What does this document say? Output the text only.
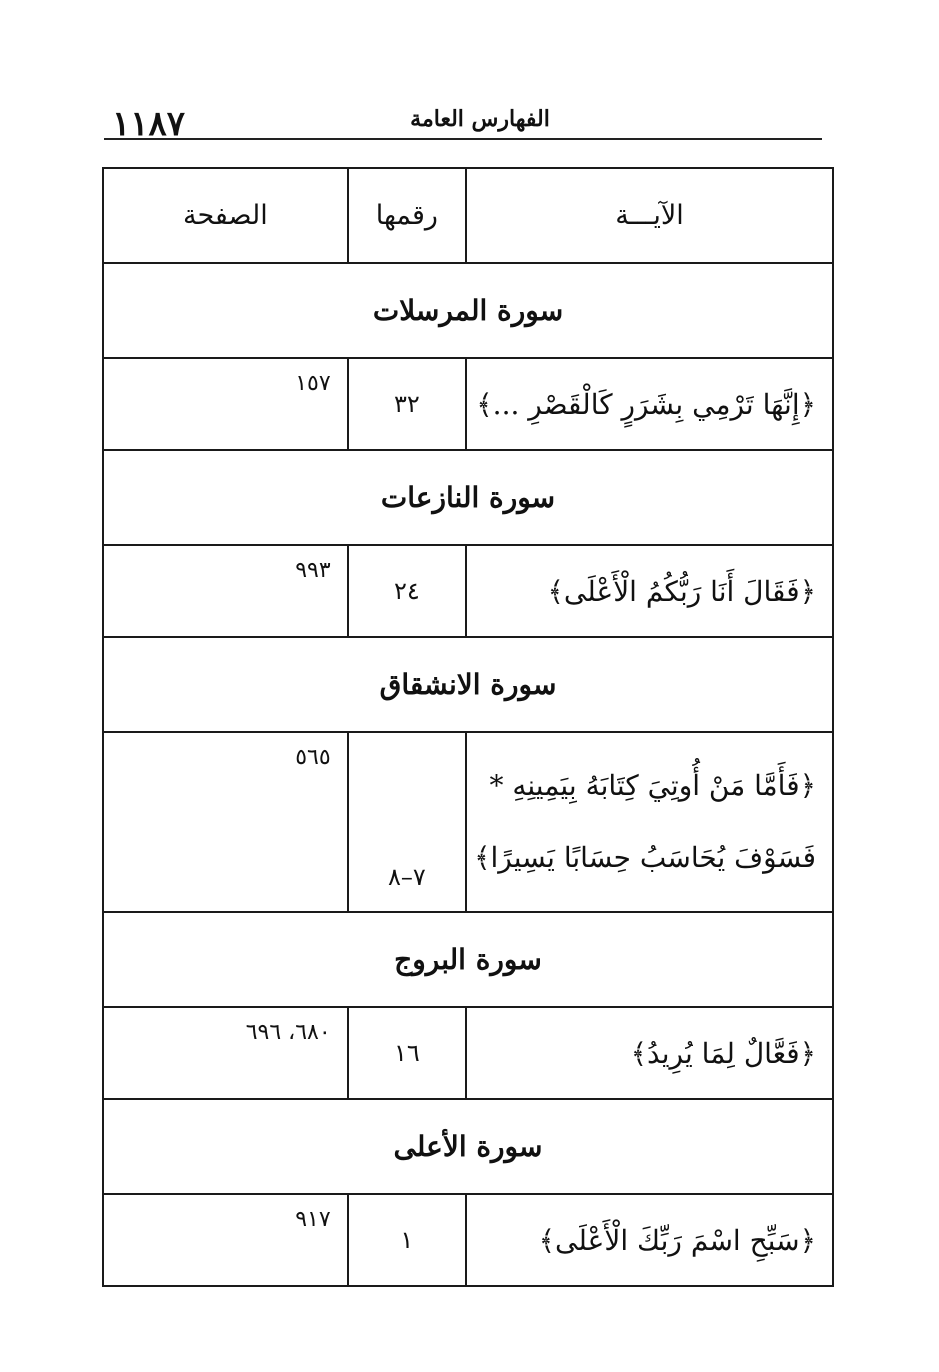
١١٨٧	الفهارس العامة
الآيـــة	رقمها	الصفحة
سورة المرسلات		
﴿إِنَّهَا تَرْمِي بِشَرَرٍ كَالْقَصْرِ ...﴾	٣٢	١٥٧

سورة النازعات		
﴿فَقَالَ أَنَا رَبُّكُمُ الْأَعْلَى﴾	٢٤	٩٩٣

سورة الانشقاق		
﴿فَأَمَّا مَنْ أُوتِيَ كِتَابَهُ بِيَمِينِهِ * فَسَوْفَ يُحَاسَبُ حِسَابًا يَسِيرًا﴾	٧–٨	٥٦٥

سورة البروج		
﴿فَعَّالٌ لِمَا يُرِيدُ﴾	١٦	٦٨٠، ٦٩٦

سورة الأعلى		
﴿سَبِّحِ اسْمَ رَبِّكَ الْأَعْلَى﴾	١	٩١٧
